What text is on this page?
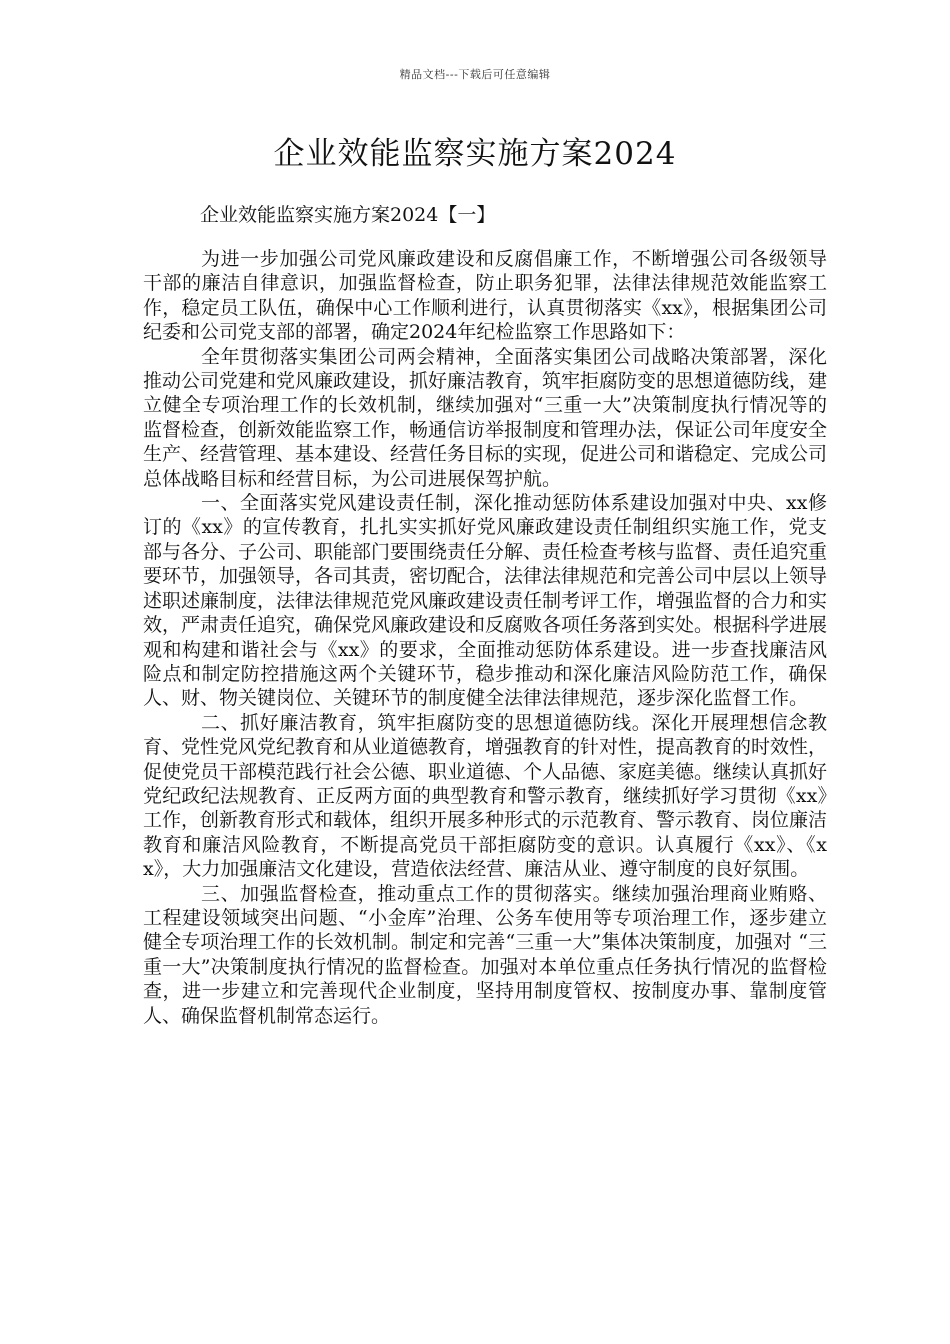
精品文档---下载后可任意编辑
企业效能监察实施方案2024
企业效能监察实施方案2024【一】

为进一步加强公司党风廉政建设和反腐倡廉工作，不断增强公司各级领导干部的廉洁自律意识，加强监督检查，防止职务犯罪，法律法律规范效能监察工作，稳定员工队伍，确保中心工作顺利进行，认真贯彻落实《xx》，根据集团公司纪委和公司党支部的部署，确定2024年纪检监察工作思路如下：

全年贯彻落实集团公司两会精神，全面落实集团公司战略决策部署，深化推动公司党建和党风廉政建设，抓好廉洁教育，筑牢拒腐防变的思想道德防线，建立健全专项治理工作的长效机制，继续加强对“三重一大”决策制度执行情况等的监督检查，创新效能监察工作，畅通信访举报制度和管理办法，保证公司年度安全生产、经营管理、基本建设、经营任务目标的实现，促进公司和谐稳定、完成公司总体战略目标和经营目标，为公司进展保驾护航。

一、全面落实党风建设责任制，深化推动惩防体系建设加强对中央、xx修订的《xx》的宣传教育，扎扎实实抓好党风廉政建设责任制组织实施工作，党支部与各分、子公司、职能部门要围绕责任分解、责任检查考核与监督、责任追究重要环节，加强领导，各司其责，密切配合，法律法律规范和完善公司中层以上领导述职述廉制度，法律法律规范党风廉政建设责任制考评工作，增强监督的合力和实效，严肃责任追究，确保党风廉政建设和反腐败各项任务落到实处。根据科学进展观和构建和谐社会与《xx》的要求，全面推动惩防体系建设。进一步查找廉洁风险点和制定防控措施这两个关键环节，稳步推动和深化廉洁风险防范工作，确保人、财、物关键岗位、关键环节的制度健全法律法律规范，逐步深化监督工作。

二、抓好廉洁教育，筑牢拒腐防变的思想道德防线。深化开展理想信念教育、党性党风党纪教育和从业道德教育，增强教育的针对性，提高教育的时效性，促使党员干部模范践行社会公德、职业道德、个人品德、家庭美德。继续认真抓好党纪政纪法规教育、正反两方面的典型教育和警示教育，继续抓好学习贯彻《xx》工作，创新教育形式和载体，组织开展多种形式的示范教育、警示教育、岗位廉洁教育和廉洁风险教育，不断提高党员干部拒腐防变的意识。认真履行《xx》、《xx》，大力加强廉洁文化建设，营造依法经营、廉洁从业、遵守制度的良好氛围。

三、加强监督检查，推动重点工作的贯彻落实。继续加强治理商业贿赂、工程建设领域突出问题、“小金库”治理、公务车使用等专项治理工作，逐步建立健全专项治理工作的长效机制。制定和完善“三重一大”集体决策制度，加强对 “三重一大”决策制度执行情况的监督检查。加强对本单位重点任务执行情况的监督检查，进一步建立和完善现代企业制度，坚持用制度管权、按制度办事、靠制度管人、确保监督机制常态运行。
